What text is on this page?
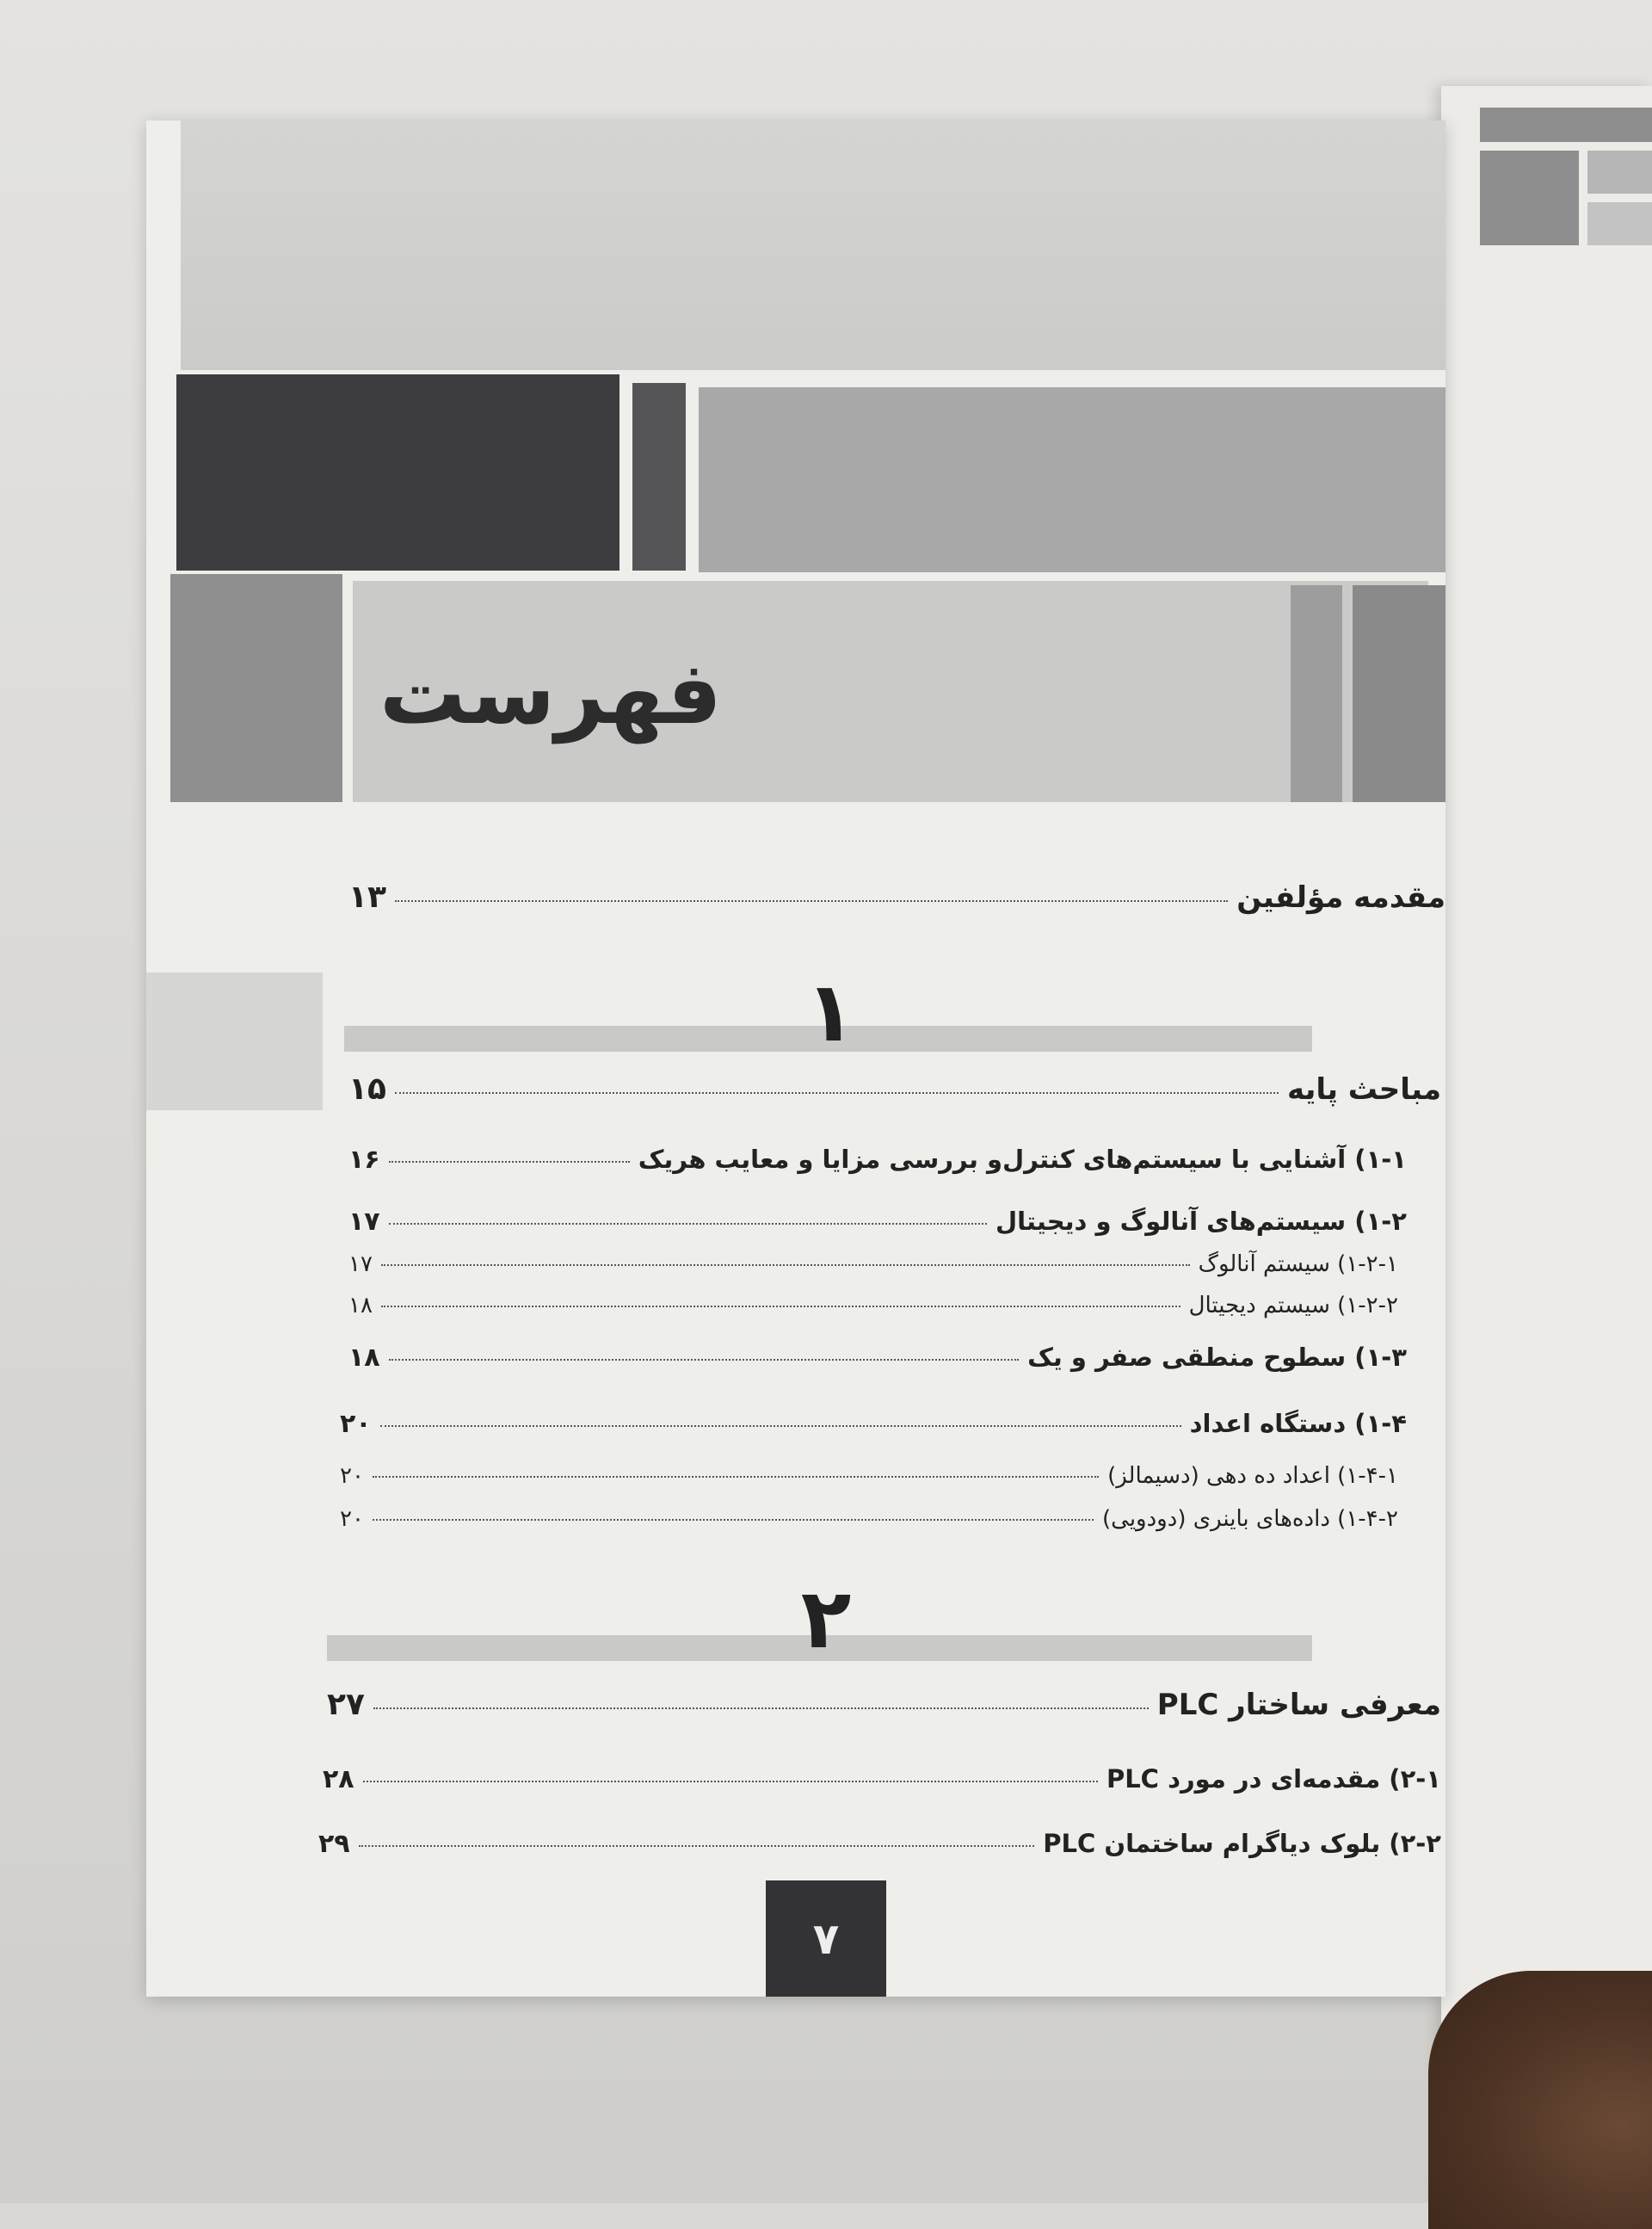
فهرست
مقدمه مؤلفین
۱۳
۱
مباحث پایه
۱۵
۱-۱) آشنایی با سیستم‌های کنترل‌و بررسی مزایا و معایب هریک
۱۶
۱-۲) سیستم‌های آنالوگ و دیجیتال
۱۷
۱-۲-۱) سیستم آنالوگ
۱۷
۱-۲-۲) سیستم دیجیتال
۱۸
۱-۳) سطوح منطقی صفر و یک
۱۸
۱-۴) دستگاه اعداد
۲۰
۱-۴-۱) اعداد ده دهی (دسیمالز)
۲۰
۱-۴-۲) داده‌های باینری (دودویی)
۲۰
۲
معرفی ساختار PLC
۲۷
۲-۱) مقدمه‌ای در مورد PLC
۲۸
۲-۲) بلوک دیاگرام ساختمان PLC
۲۹
۷
